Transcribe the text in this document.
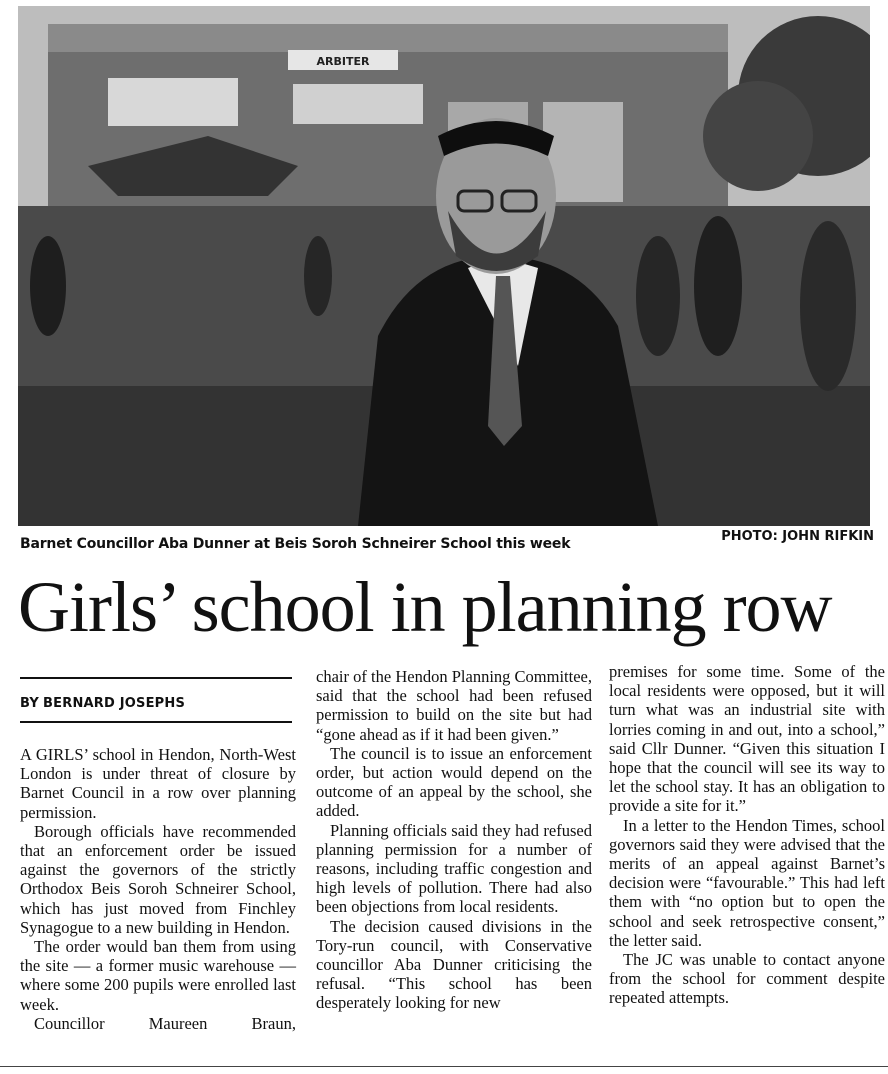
ARBITER
Barnet Councillor Aba Dunner at Beis Soroh Schneirer School this week	PHOTO: JOHN RIFKIN
Girls’ school in planning row
BY BERNARD JOSEPHS

A GIRLS’ school in Hendon, North-West London is under threat of closure by Barnet Council in a row over planning permission.

Borough officials have recommended that an enforcement order be issued against the governors of the strictly Orthodox Beis Soroh Schneirer School, which has just moved from Finchley Synagogue to a new building in Hendon.

The order would ban them from using the site — a former music warehouse — where some 200 pupils were enrolled last week.

Councillor Maureen Braun,

chair of the Hendon Planning Committee, said that the school had been refused permission to build on the site but had “gone ahead as if it had been given.”

The council is to issue an enforcement order, but action would depend on the outcome of an appeal by the school, she added.

Planning officials said they had refused planning permission for a number of reasons, including traffic congestion and high levels of pollution. There had also been objections from local residents.

The decision caused divisions in the Tory-run council, with Conservative councillor Aba Dunner criticising the refusal. “This school has been desperately looking for new

premises for some time. Some of the local residents were opposed, but it will turn what was an industrial site with lorries coming in and out, into a school,” said Cllr Dunner. “Given this situation I hope that the council will see its way to let the school stay. It has an obligation to provide a site for it.”

In a letter to the Hendon Times, school governors said they were advised that the merits of an appeal against Barnet’s decision were “favourable.” This had left them with “no option but to open the school and seek retrospective consent,” the letter said.

The JC was unable to contact anyone from the school for comment despite repeated attempts.
